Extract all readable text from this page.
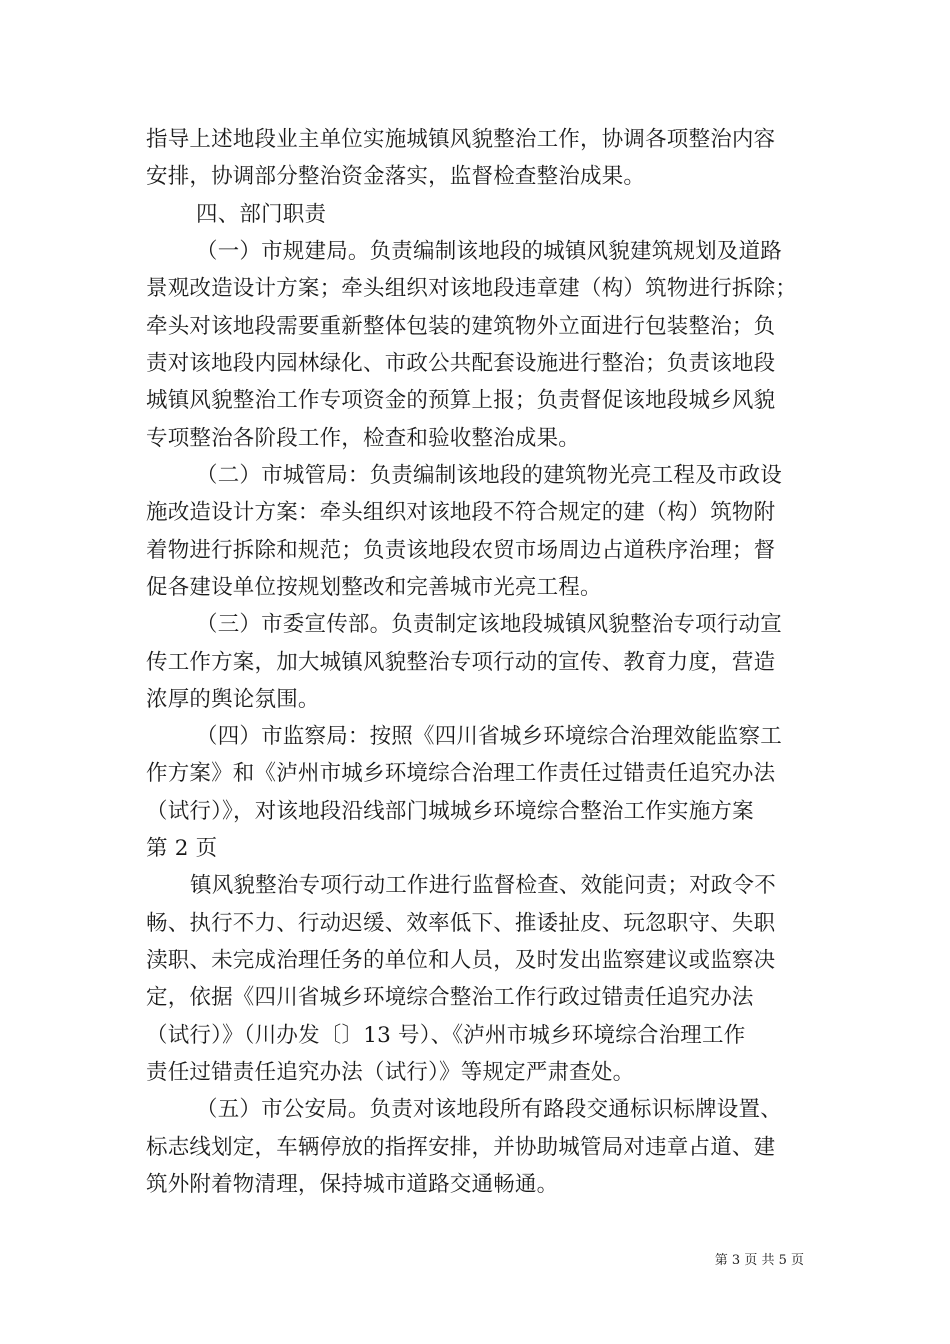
指导上述地段业主单位实施城镇风貌整治工作，协调各项整治内容
安排，协调部分整治资金落实，监督检查整治成果。
四、部门职责
（一）市规建局。负责编制该地段的城镇风貌建筑规划及道路
景观改造设计方案；牵头组织对该地段违章建（构）筑物进行拆除；
牵头对该地段需要重新整体包装的建筑物外立面进行包装整治；负
责对该地段内园林绿化、市政公共配套设施进行整治；负责该地段
城镇风貌整治工作专项资金的预算上报；负责督促该地段城乡风貌
专项整治各阶段工作，检查和验收整治成果。
（二）市城管局：负责编制该地段的建筑物光亮工程及市政设
施改造设计方案：牵头组织对该地段不符合规定的建（构）筑物附
着物进行拆除和规范；负责该地段农贸市场周边占道秩序治理；督
促各建设单位按规划整改和完善城市光亮工程。
（三）市委宣传部。负责制定该地段城镇风貌整治专项行动宣
传工作方案，加大城镇风貌整治专项行动的宣传、教育力度，营造
浓厚的舆论氛围。
（四）市监察局：按照《四川省城乡环境综合治理效能监察工
作方案》和《泸州市城乡环境综合治理工作责任过错责任追究办法
（试行）》，对该地段沿线部门城城乡环境综合整治工作实施方案
第 2 页
镇风貌整治专项行动工作进行监督检查、效能问责；对政令不
畅、执行不力、行动迟缓、效率低下、推诿扯皮、玩忽职守、失职
渎职、未完成治理任务的单位和人员，及时发出监察建议或监察决
定，依据《四川省城乡环境综合整治工作行政过错责任追究办法
（试行）》（川办发〔〕13 号）、《泸州市城乡环境综合治理工作
责任过错责任追究办法（试行）》等规定严肃查处。
（五）市公安局。负责对该地段所有路段交通标识标牌设置、
标志线划定，车辆停放的指挥安排，并协助城管局对违章占道、建
筑外附着物清理，保持城市道路交通畅通。
第 3 页 共 5 页
